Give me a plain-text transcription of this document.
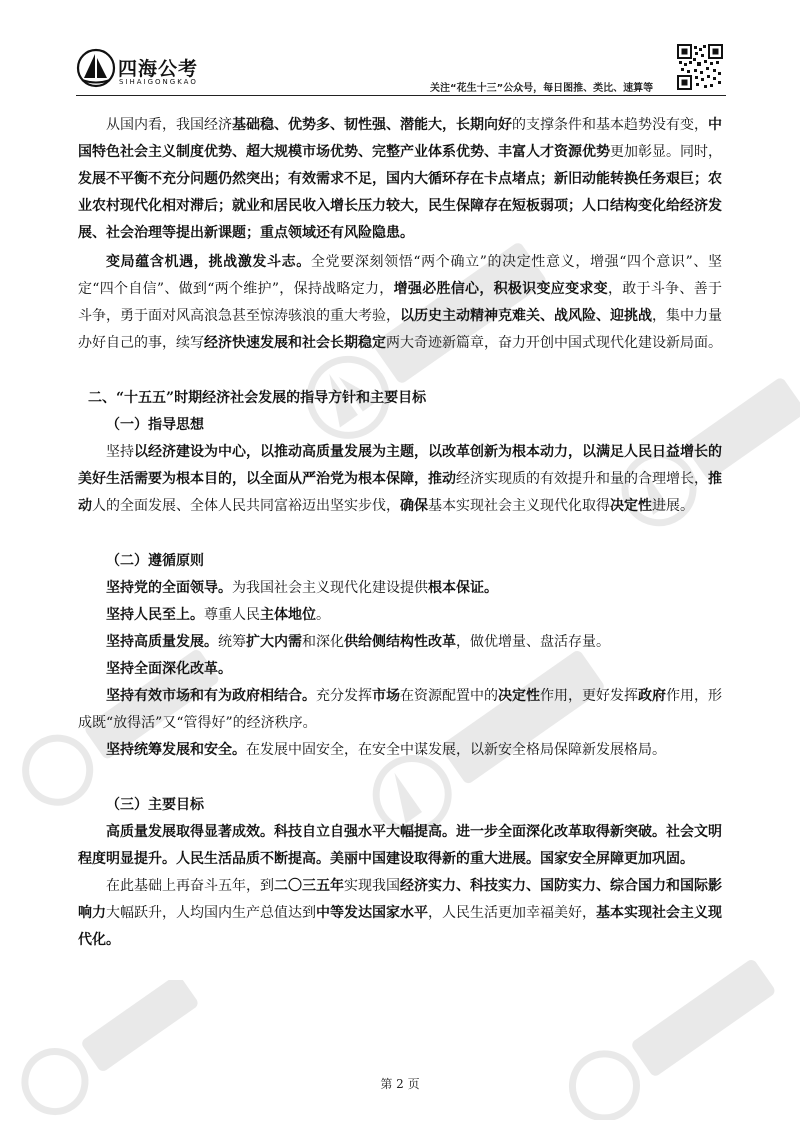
四海公考
SIHAIGONGKAO
关注“花生十三”公众号，每日图推、类比、速算等

从国内看，我国经济基础稳、优势多、韧性强、潜能大，长期向好的支撑条件和基本趋势没有变，中国特色社会主义制度优势、超大规模市场优势、完整产业体系优势、丰富人才资源优势更加彰显。同时，发展不平衡不充分问题仍然突出；有效需求不足，国内大循环存在卡点堵点；新旧动能转换任务艰巨；农业农村现代化相对滞后；就业和居民收入增长压力较大，民生保障存在短板弱项；人口结构变化给经济发展、社会治理等提出新课题；重点领域还有风险隐患。

变局蕴含机遇，挑战激发斗志。全党要深刻领悟“两个确立”的决定性意义，增强“四个意识”、坚定“四个自信”、做到“两个维护”，保持战略定力，增强必胜信心，积极识变应变求变，敢于斗争、善于斗争，勇于面对风高浪急甚至惊涛骇浪的重大考验，以历史主动精神克难关、战风险、迎挑战，集中力量办好自己的事，续写经济快速发展和社会长期稳定两大奇迹新篇章，奋力开创中国式现代化建设新局面。

二、“十五五”时期经济社会发展的指导方针和主要目标

（一）指导思想

坚持以经济建设为中心，以推动高质量发展为主题，以改革创新为根本动力，以满足人民日益增长的美好生活需要为根本目的，以全面从严治党为根本保障，推动经济实现质的有效提升和量的合理增长，推动人的全面发展、全体人民共同富裕迈出坚实步伐，确保基本实现社会主义现代化取得决定性进展。

（二）遵循原则

坚持党的全面领导。为我国社会主义现代化建设提供根本保证。

坚持人民至上。尊重人民主体地位。

坚持高质量发展。统筹扩大内需和深化供给侧结构性改革，做优增量、盘活存量。

坚持全面深化改革。

坚持有效市场和有为政府相结合。充分发挥市场在资源配置中的决定性作用，更好发挥政府作用，形成既“放得活”又“管得好”的经济秩序。

坚持统筹发展和安全。在发展中固安全，在安全中谋发展，以新安全格局保障新发展格局。

（三）主要目标

高质量发展取得显著成效。科技自立自强水平大幅提高。进一步全面深化改革取得新突破。社会文明程度明显提升。人民生活品质不断提高。美丽中国建设取得新的重大进展。国家安全屏障更加巩固。

在此基础上再奋斗五年，到二〇三五年实现我国经济实力、科技实力、国防实力、综合国力和国际影响力大幅跃升，人均国内生产总值达到中等发达国家水平，人民生活更加幸福美好，基本实现社会主义现代化。

第 2 页
